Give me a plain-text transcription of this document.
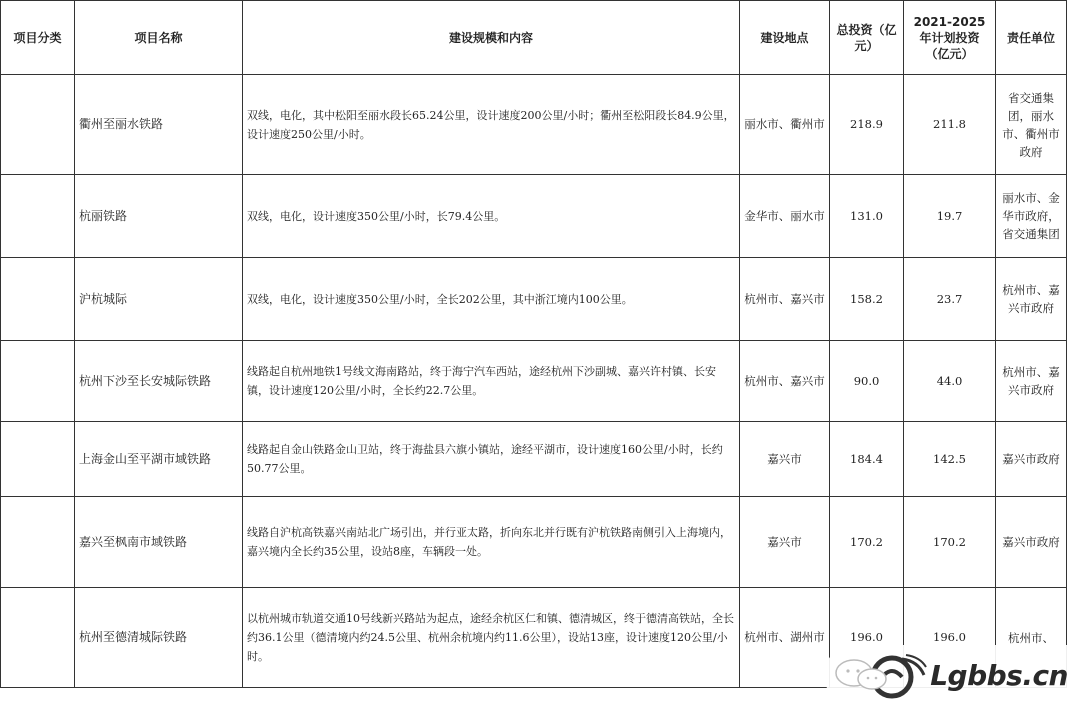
项目分类	项目名称	建设规模和内容	建设地点	总投资（亿元）	2021-2025年计划投资（亿元）	责任单位
	衢州至丽水铁路	双线，电化，其中松阳至丽水段长65.24公里，设计速度200公里/小时；衢州至松阳段长84.9公里，设计速度250公里/小时。	丽水市、衢州市	218.9	211.8	省交通集团，丽水市、衢州市政府
	杭丽铁路	双线，电化，设计速度350公里/小时，长79.4公里。	金华市、丽水市	131.0	19.7	丽水市、金华市政府，省交通集团
	沪杭城际	双线，电化，设计速度350公里/小时，全长202公里，其中浙江境内100公里。	杭州市、嘉兴市	158.2	23.7	杭州市、嘉兴市政府
	杭州下沙至长安城际铁路	线路起自杭州地铁1号线文海南路站，终于海宁汽车西站，途经杭州下沙副城、嘉兴许村镇、长安镇，设计速度120公里/小时，全长约22.7公里。	杭州市、嘉兴市	90.0	44.0	杭州市、嘉兴市政府
	上海金山至平湖市域铁路	线路起自金山铁路金山卫站，终于海盐县六旗小镇站，途经平湖市，设计速度160公里/小时，长约50.77公里。	嘉兴市	184.4	142.5	嘉兴市政府
	嘉兴至枫南市域铁路	线路自沪杭高铁嘉兴南站北广场引出，并行亚太路，折向东北并行既有沪杭铁路南侧引入上海境内，嘉兴境内全长约35公里，设站8座，车辆段一处。	嘉兴市	170.2	170.2	嘉兴市政府
	杭州至德清城际铁路	以杭州城市轨道交通10号线新兴路站为起点，途经余杭区仁和镇、德清城区，终于德清高铁站，全长约36.1公里（德清境内约24.5公里、杭州余杭境内约11.6公里），设站13座，设计速度120公里/小时。	杭州市、湖州市	196.0	196.0	杭州市、
Lgbbs.cn
